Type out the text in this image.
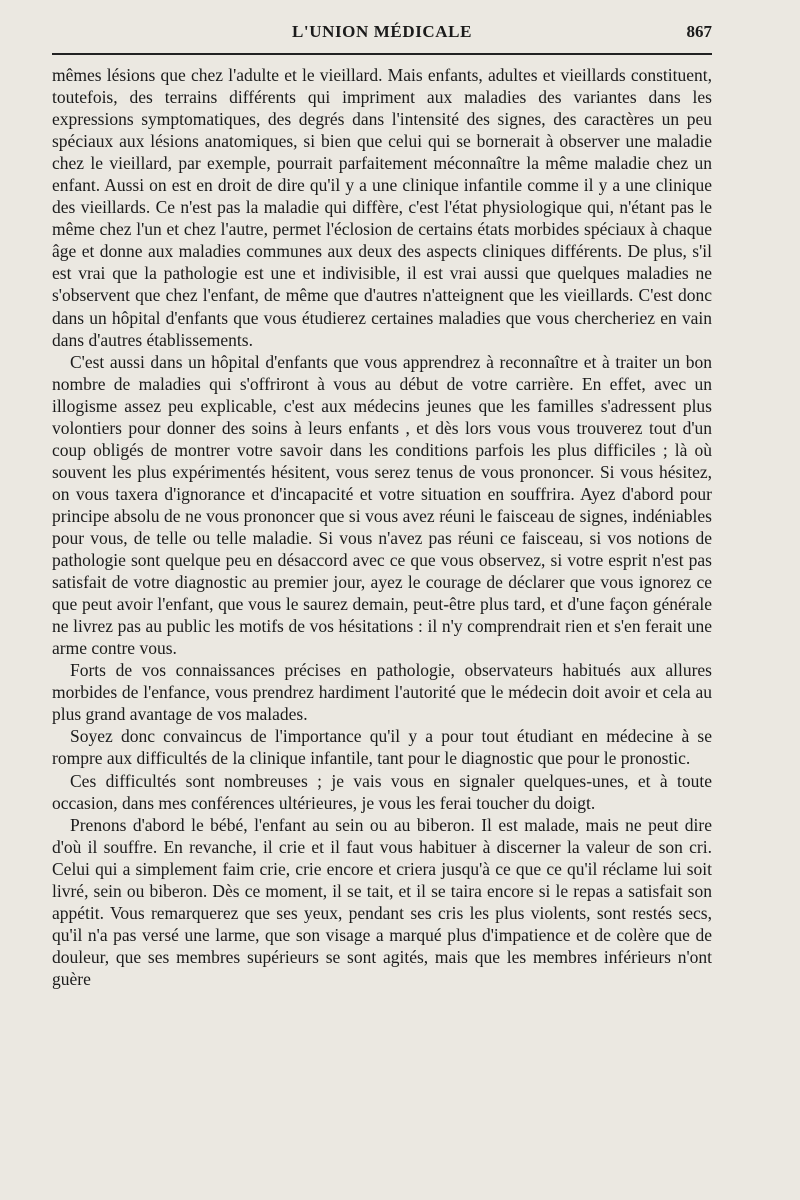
L'UNION MÉDICALE	867

mêmes lésions que chez l'adulte et le vieillard. Mais enfants, adultes et vieillards constituent, toutefois, des terrains différents qui impriment aux maladies des variantes dans les expressions symptomatiques, des degrés dans l'intensité des signes, des caractères un peu spéciaux aux lésions anatomiques, si bien que celui qui se bornerait à observer une maladie chez le vieillard, par exemple, pourrait parfaitement méconnaître la même maladie chez un enfant. Aussi on est en droit de dire qu'il y a une clinique infantile comme il y a une clinique des vieillards. Ce n'est pas la maladie qui diffère, c'est l'état physiologique qui, n'étant pas le même chez l'un et chez l'autre, permet l'éclosion de certains états morbides spéciaux à chaque âge et donne aux maladies communes aux deux des aspects cliniques différents. De plus, s'il est vrai que la pathologie est une et indivisible, il est vrai aussi que quelques maladies ne s'observent que chez l'enfant, de même que d'autres n'atteignent que les vieillards. C'est donc dans un hôpital d'enfants que vous étudierez certaines maladies que vous chercheriez en vain dans d'autres établissements.

C'est aussi dans un hôpital d'enfants que vous apprendrez à reconnaître et à traiter un bon nombre de maladies qui s'offriront à vous au début de votre carrière. En effet, avec un illogisme assez peu explicable, c'est aux médecins jeunes que les familles s'adressent plus volontiers pour donner des soins à leurs enfants , et dès lors vous vous trouverez tout d'un coup obligés de montrer votre savoir dans les conditions parfois les plus difficiles ; là où souvent les plus expérimentés hésitent, vous serez tenus de vous prononcer. Si vous hésitez, on vous taxera d'ignorance et d'incapacité et votre situation en souffrira. Ayez d'abord pour principe absolu de ne vous prononcer que si vous avez réuni le faisceau de signes, indéniables pour vous, de telle ou telle maladie. Si vous n'avez pas réuni ce faisceau, si vos notions de pathologie sont quelque peu en désaccord avec ce que vous observez, si votre esprit n'est pas satisfait de votre diagnostic au premier jour, ayez le courage de déclarer que vous ignorez ce que peut avoir l'enfant, que vous le saurez demain, peut-être plus tard, et d'une façon générale ne livrez pas au public les motifs de vos hésitations : il n'y comprendrait rien et s'en ferait une arme contre vous.

Forts de vos connaissances précises en pathologie, observateurs habitués aux allures morbides de l'enfance, vous prendrez hardiment l'autorité que le médecin doit avoir et cela au plus grand avantage de vos malades.

Soyez donc convaincus de l'importance qu'il y a pour tout étudiant en médecine à se rompre aux difficultés de la clinique infantile, tant pour le diagnostic que pour le pronostic.

Ces difficultés sont nombreuses ; je vais vous en signaler quelques-unes, et à toute occasion, dans mes conférences ultérieures, je vous les ferai toucher du doigt.

Prenons d'abord le bébé, l'enfant au sein ou au biberon. Il est malade, mais ne peut dire d'où il souffre. En revanche, il crie et il faut vous habituer à discerner la valeur de son cri. Celui qui a simplement faim crie, crie encore et criera jusqu'à ce que ce qu'il réclame lui soit livré, sein ou biberon. Dès ce moment, il se tait, et il se taira encore si le repas a satisfait son appétit. Vous remarquerez que ses yeux, pendant ses cris les plus violents, sont restés secs, qu'il n'a pas versé une larme, que son visage a marqué plus d'impatience et de colère que de douleur, que ses membres supérieurs se sont agités, mais que les membres inférieurs n'ont guère
